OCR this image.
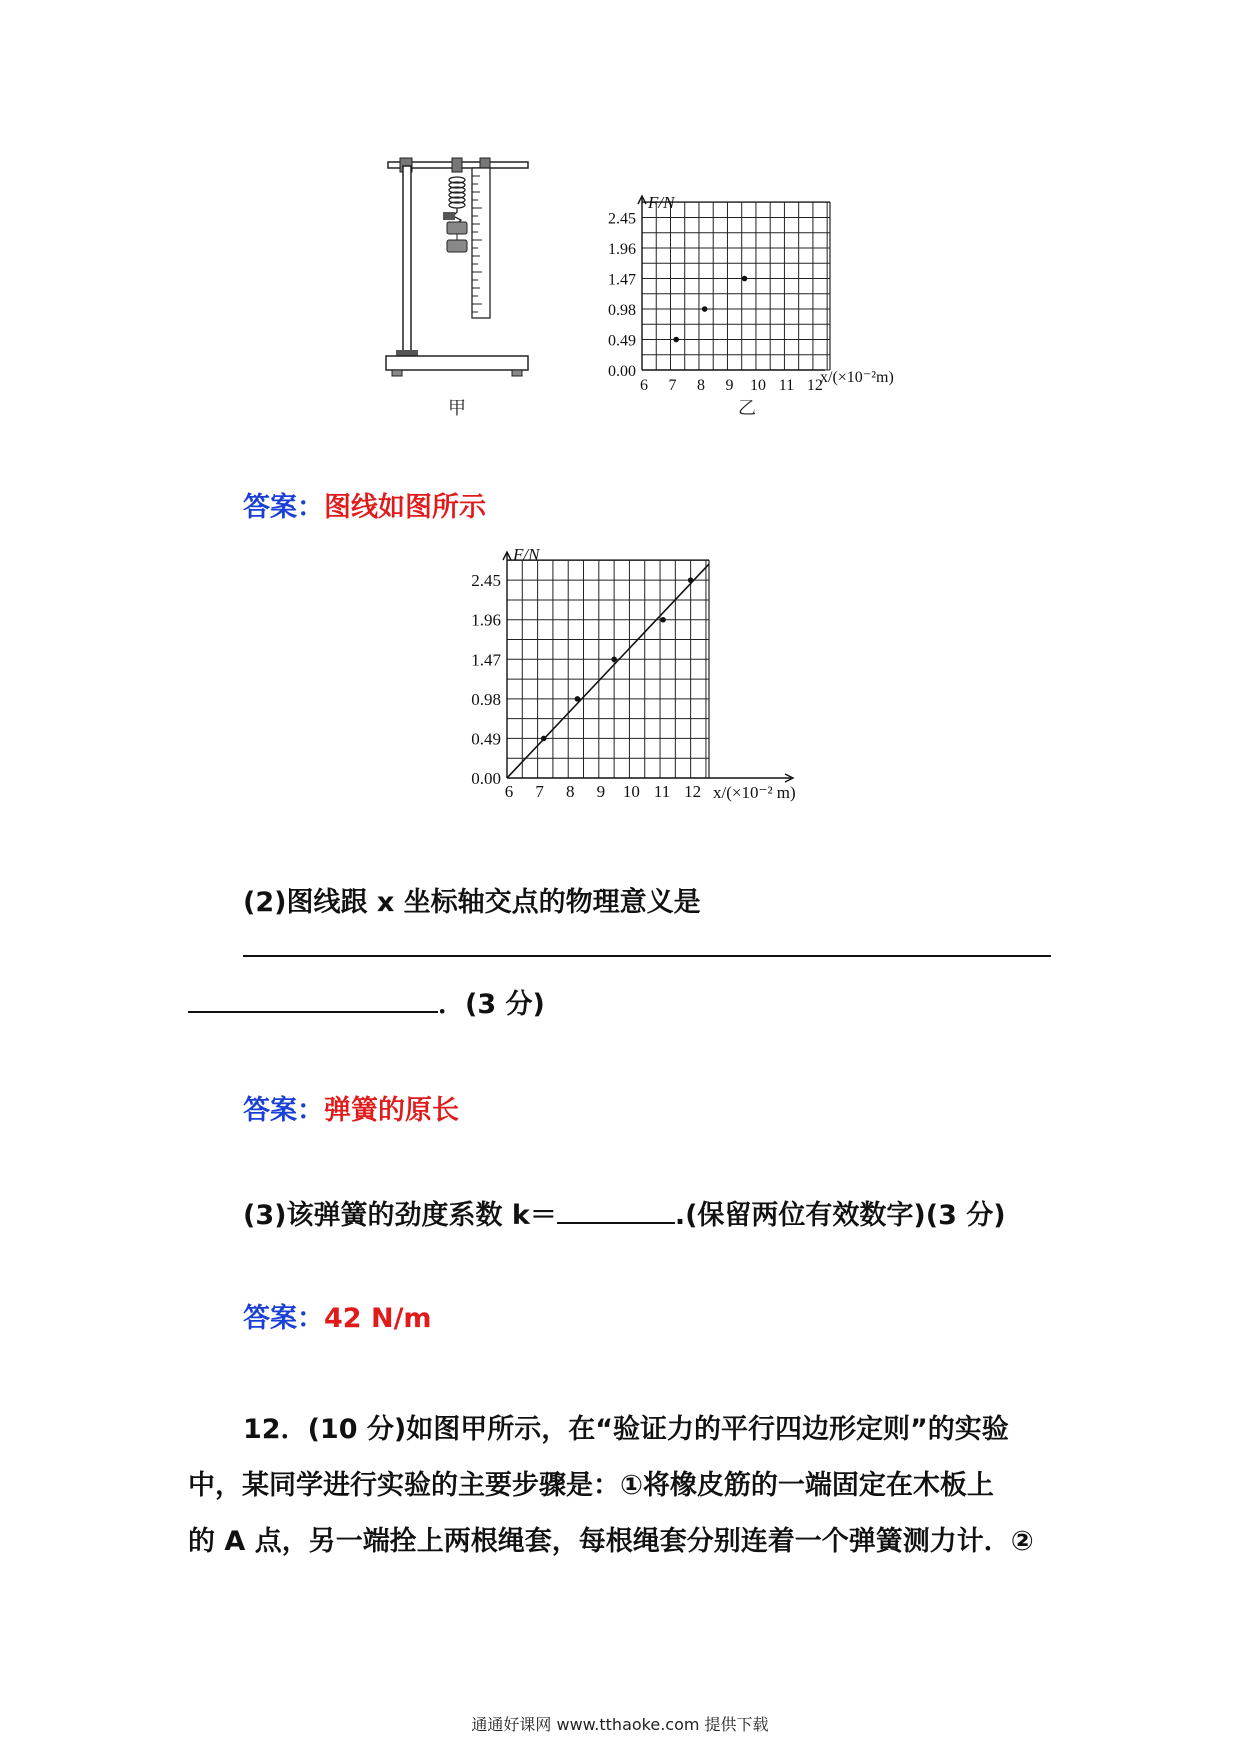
甲
F/N
x/(×10⁻²m)
0.00
0.49
0.98
1.47
1.96
2.45
6 7 8 9 10 11 12
乙
答案：图线如图所示
F/N
x/(×10⁻² m)
0.00
0.49
0.98
1.47
1.96
2.45
6 7 8 9 10 11 12
(2)图线跟 x 坐标轴交点的物理意义是
．(3 分)
答案：弹簧的原长
(3)该弹簧的劲度系数 k＝	.(保留两位有效数字)(3 分)
答案：42 N/m
12．(10 分)如图甲所示，在“验证力的平行四边形定则”的实验
中，某同学进行实验的主要步骤是：①将橡皮筋的一端固定在木板上
的 A 点，另一端拴上两根绳套，每根绳套分别连着一个弹簧测力计．②
通通好课网 www.tthaoke.com 提供下载
